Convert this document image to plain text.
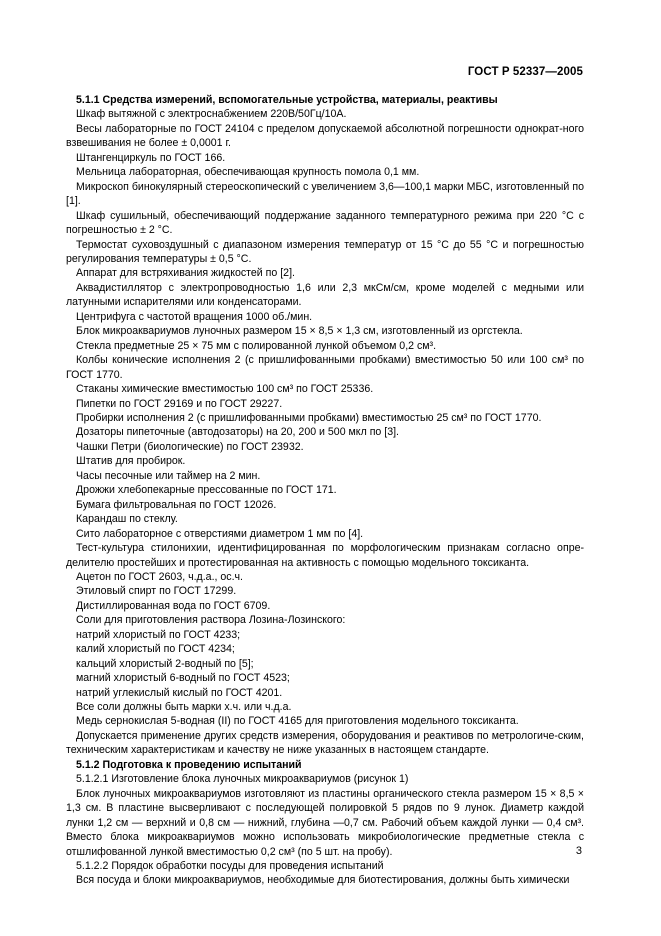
ГОСТ Р 52337—2005
5.1.1 Средства измерений, вспомогательные устройства, материалы, реактивы
Шкаф вытяжной с электроснабжением 220В/50Гц/10А.
Весы лабораторные по ГОСТ 24104 с пределом допускаемой абсолютной погрешности однократ-ного взвешивания не более ± 0,0001 г.
Штангенциркуль по ГОСТ 166.
Мельница лабораторная, обеспечивающая крупность помола 0,1 мм.
Микроскоп бинокулярный стереоскопический с увеличением 3,6—100,1 марки МБС, изготовленный по [1].
Шкаф сушильный, обеспечивающий поддержание заданного температурного режима при 220 °С с погрешностью ± 2 °С.
Термостат суховоздушный с диапазоном измерения температур от 15 °С до 55 °С и погрешностью регулирования температуры ± 0,5 °С.
Аппарат для встряхивания жидкостей по [2].
Аквадистиллятор с электропроводностью 1,6 или 2,3 мкСм/см, кроме моделей с медными или латунными испарителями или конденсаторами.
Центрифуга с частотой вращения 1000 об./мин.
Блок микроаквариумов луночных размером 15 × 8,5 × 1,3 см, изготовленный из оргстекла.
Стекла предметные 25 × 75 мм с полированной лункой объемом 0,2 см³.
Колбы конические исполнения 2 (с пришлифованными пробками) вместимостью 50 или 100 см³ по ГОСТ 1770.
Стаканы химические вместимостью 100 см³ по ГОСТ 25336.
Пипетки по ГОСТ 29169 и по ГОСТ 29227.
Пробирки исполнения 2 (с пришлифованными пробками) вместимостью 25 см³ по ГОСТ 1770.
Дозаторы пипеточные (автодозаторы) на 20, 200 и 500 мкл по [3].
Чашки Петри (биологические) по ГОСТ 23932.
Штатив для пробирок.
Часы песочные или таймер на 2 мин.
Дрожжи хлебопекарные прессованные по ГОСТ 171.
Бумага фильтровальная по ГОСТ 12026.
Карандаш по стеклу.
Сито лабораторное с отверстиями диаметром 1 мм по [4].
Тест-культура стилонихии, идентифицированная по морфологическим признакам согласно опре-делителю простейших и протестированная на активность с помощью модельного токсиканта.
Ацетон по ГОСТ 2603, ч.д.а., ос.ч.
Этиловый спирт по ГОСТ 17299.
Дистиллированная вода по ГОСТ 6709.
Соли для приготовления раствора Лозина-Лозинского:
натрий хлористый по ГОСТ 4233;
калий хлористый по ГОСТ 4234;
кальций хлористый 2-водный по [5];
магний хлористый 6-водный по ГОСТ 4523;
натрий углекислый кислый по ГОСТ 4201.
Все соли должны быть марки х.ч. или ч.д.а.
Медь сернокислая 5-водная (II) по ГОСТ 4165 для приготовления модельного токсиканта.
Допускается применение других средств измерения, оборудования и реактивов по метрологиче-ским, техническим характеристикам и качеству не ниже указанных в настоящем стандарте.
5.1.2 Подготовка к проведению испытаний
5.1.2.1 Изготовление блока луночных микроаквариумов (рисунок 1)
Блок луночных микроаквариумов изготовляют из пластины органического стекла размером 15 × 8,5 × 1,3 см. В пластине высверливают с последующей полировкой 5 рядов по 9 лунок. Диаметр каждой лунки 1,2 см — верхний и 0,8 см — нижний, глубина —0,7 см. Рабочий объем каждой лунки — 0,4 см³. Вместо блока микроаквариумов можно использовать микробиологические предметные стекла с отшлифованной лункой вместимостью 0,2 см³ (по 5 шт. на пробу).
5.1.2.2 Порядок обработки посуды для проведения испытаний
Вся посуда и блоки микроаквариумов, необходимые для биотестирования, должны быть химически
3
